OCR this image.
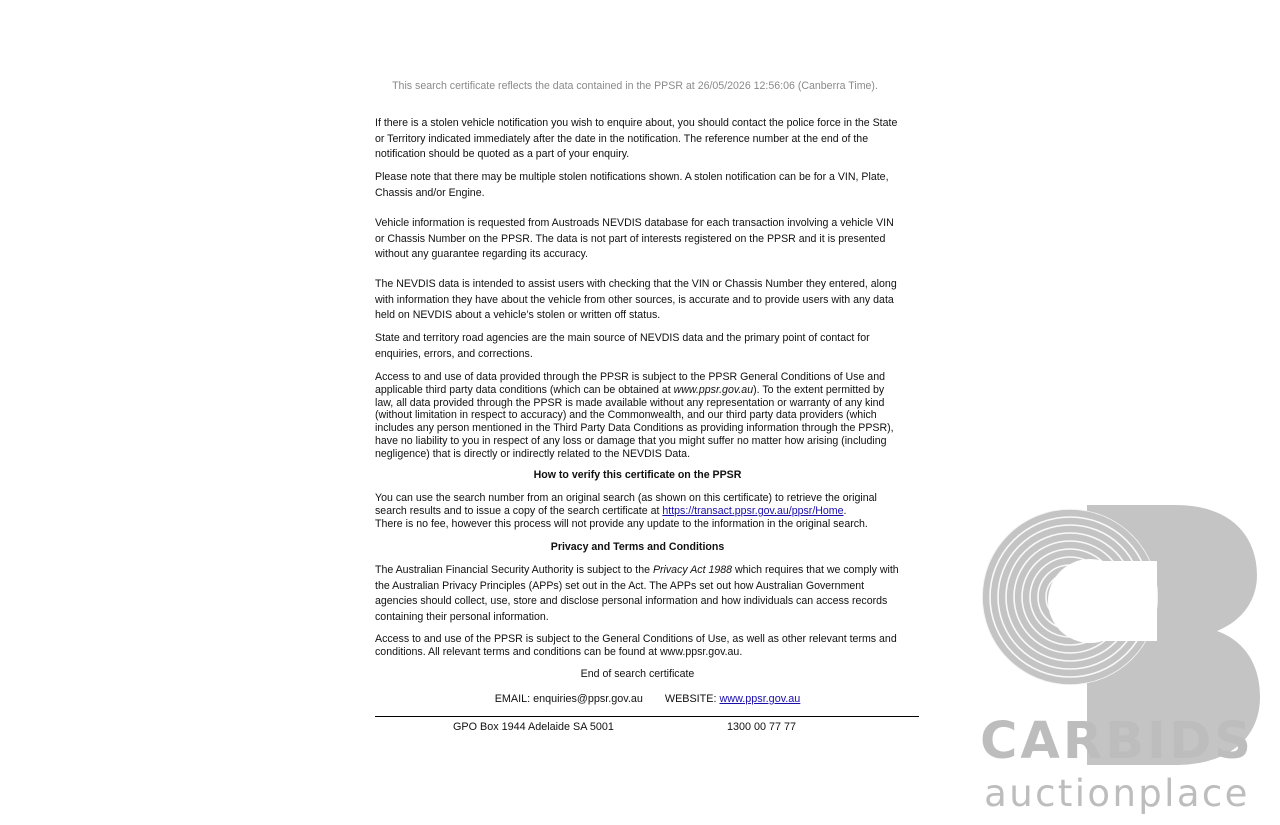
This search certificate reflects the data contained in the PPSR at 26/05/2026 12:56:06 (Canberra Time).

If there is a stolen vehicle notification you wish to enquire about, you should contact the police force in the State or Territory indicated immediately after the date in the notification. The reference number at the end of the notification should be quoted as a part of your enquiry.

Please note that there may be multiple stolen notifications shown. A stolen notification can be for a VIN, Plate, Chassis and/or Engine.

Vehicle information is requested from Austroads NEVDIS database for each transaction involving a vehicle VIN or Chassis Number on the PPSR. The data is not part of interests registered on the PPSR and it is presented without any guarantee regarding its accuracy.

The NEVDIS data is intended to assist users with checking that the VIN or Chassis Number they entered, along with information they have about the vehicle from other sources, is accurate and to provide users with any data held on NEVDIS about a vehicle’s stolen or written off status.

State and territory road agencies are the main source of NEVDIS data and the primary point of contact for enquiries, errors, and corrections.

Access to and use of data provided through the PPSR is subject to the PPSR General Conditions of Use and applicable third party data conditions (which can be obtained at www.ppsr.gov.au). To the extent permitted by law, all data provided through the PPSR is made available without any representation or warranty of any kind (without limitation in respect to accuracy) and the Commonwealth, and our third party data providers (which includes any person mentioned in the Third Party Data Conditions as providing information through the PPSR), have no liability to you in respect of any loss or damage that you might suffer no matter how arising (including negligence) that is directly or indirectly related to the NEVDIS Data.

How to verify this certificate on the PPSR

You can use the search number from an original search (as shown on this certificate) to retrieve the original search results and to issue a copy of the search certificate at https://transact.ppsr.gov.au/ppsr/Home.
There is no fee, however this process will not provide any update to the information in the original search.

Privacy and Terms and Conditions

The Australian Financial Security Authority is subject to the Privacy Act 1988 which requires that we comply with the Australian Privacy Principles (APPs) set out in the Act. The APPs set out how Australian Government agencies should collect, use, store and disclose personal information and how individuals can access records containing their personal information.

Access to and use of the PPSR is subject to the General Conditions of Use, as well as other relevant terms and conditions. All relevant terms and conditions can be found at www.ppsr.gov.au.

End of search certificate
EMAIL: enquiries@ppsr.gov.au WEBSITE: www.ppsr.gov.au
GPO Box 1944 Adelaide SA 5001	1300 00 77 77	CARBIDS
auctionplace
